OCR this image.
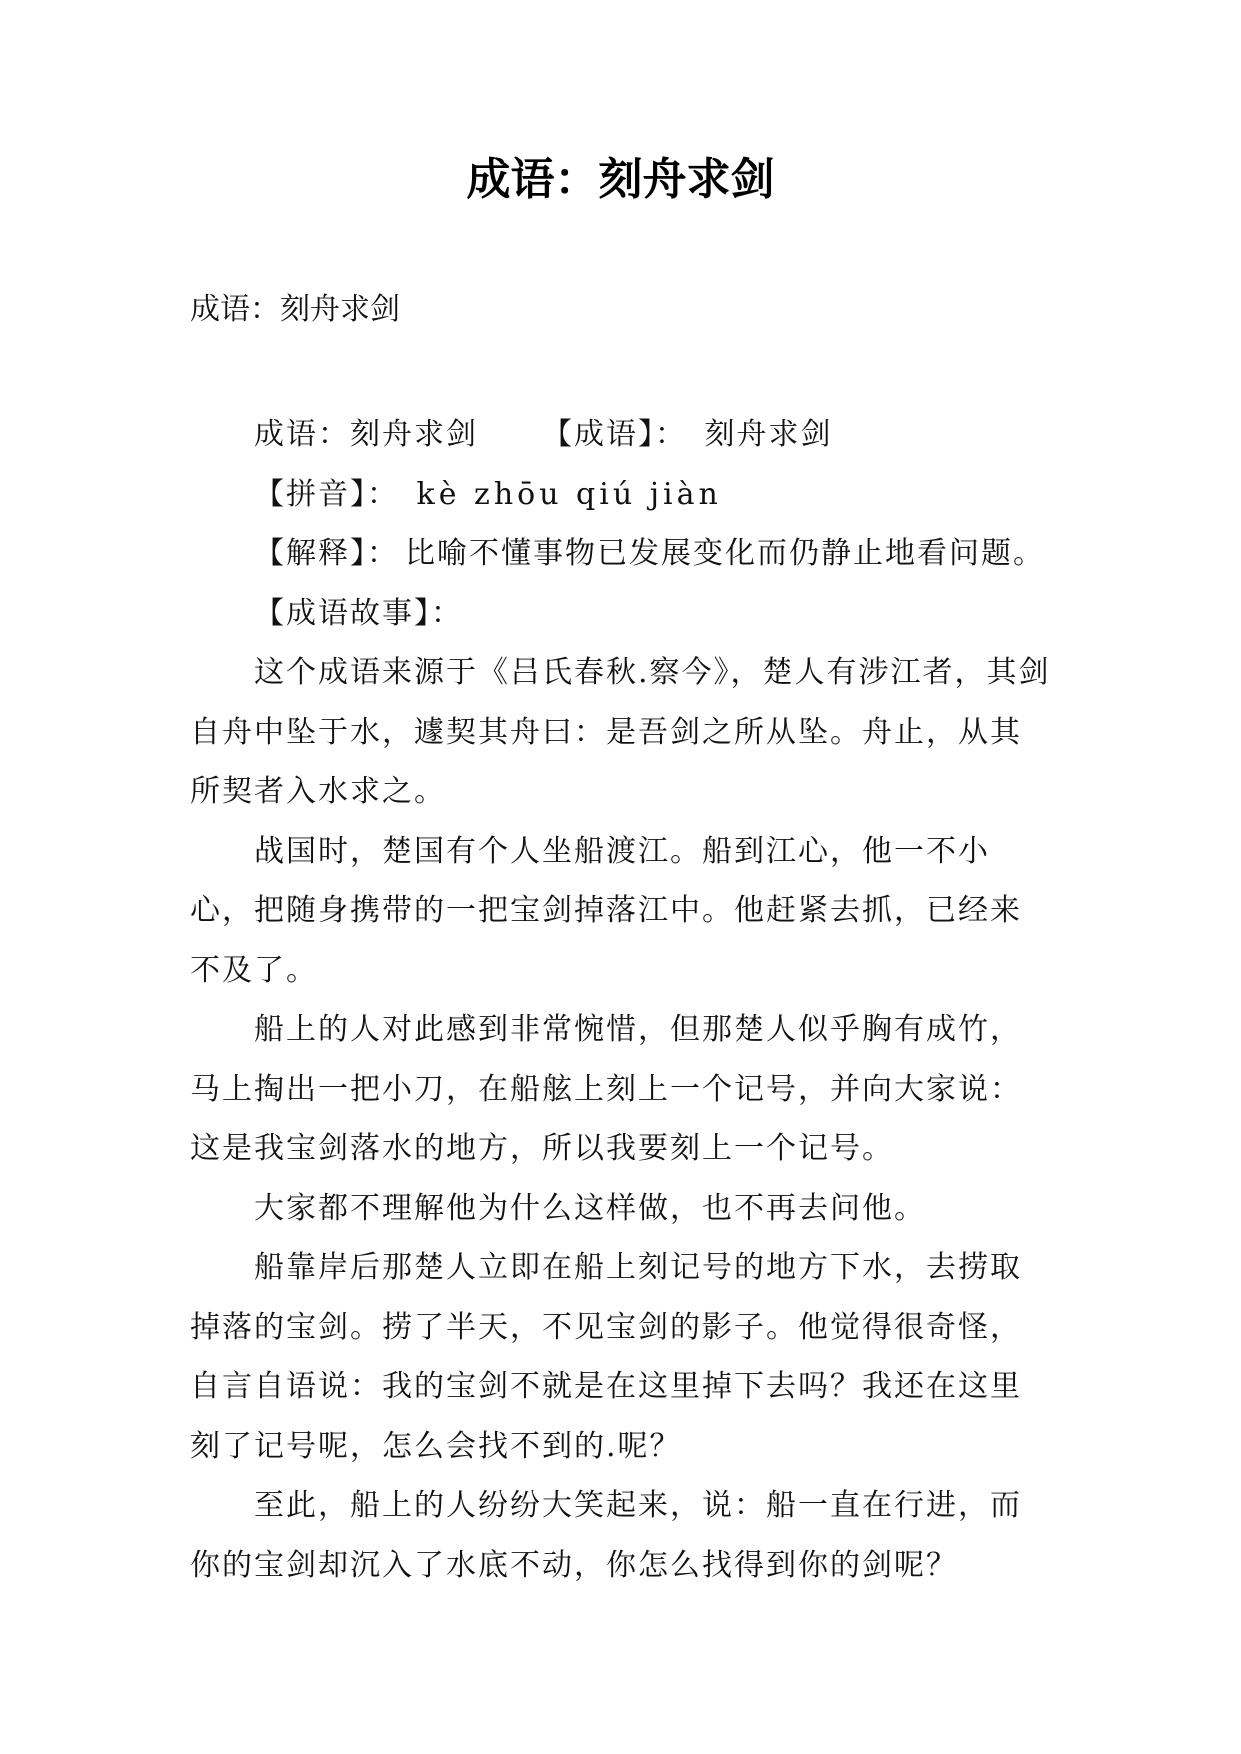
成语：刻舟求剑
成语：刻舟求剑
成语：刻舟求剑 【成语】： 刻舟求剑
【拼音】： kè zhōu qiú jiàn
【解释】： 比喻不懂事物已发展变化而仍静止地看问题。
【成语故事】：

这个成语来源于《吕氏春秋.察今》，楚人有涉江者，其剑自舟中坠于水，遽契其舟曰：是吾剑之所从坠。舟止，从其所契者入水求之。

战国时，楚国有个人坐船渡江。船到江心，他一不小心，把随身携带的一把宝剑掉落江中。他赶紧去抓，已经来不及了。

船上的人对此感到非常惋惜，但那楚人似乎胸有成竹，马上掏出一把小刀，在船舷上刻上一个记号，并向大家说：这是我宝剑落水的地方，所以我要刻上一个记号。

大家都不理解他为什么这样做，也不再去问他。

船靠岸后那楚人立即在船上刻记号的地方下水，去捞取掉落的宝剑。捞了半天，不见宝剑的影子。他觉得很奇怪，自言自语说：我的宝剑不就是在这里掉下去吗？我还在这里刻了记号呢，怎么会找不到的.呢？

至此，船上的人纷纷大笑起来，说：船一直在行进，而你的宝剑却沉入了水底不动，你怎么找得到你的剑呢？
